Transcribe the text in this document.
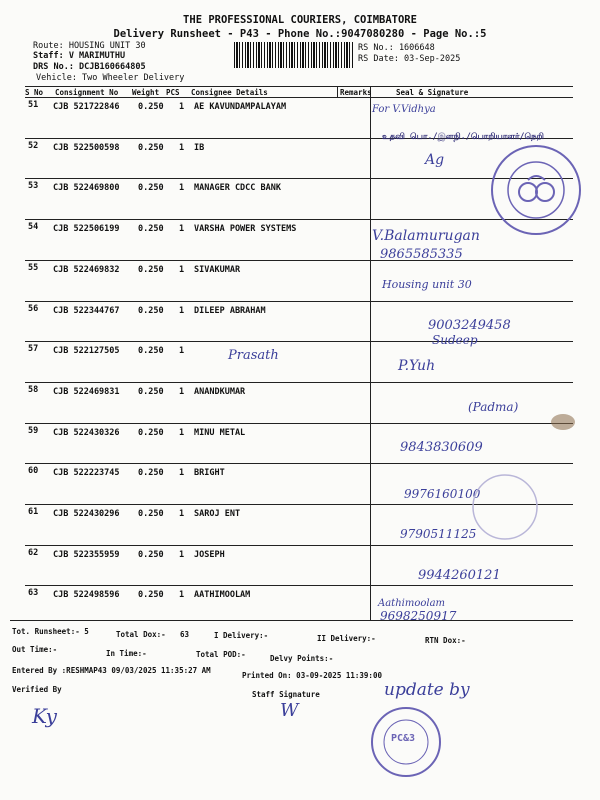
THE PROFESSIONAL COURIERS, COIMBATORE
Delivery Runsheet - P43 - Phone No.:9047080280 - Page No.:5
Route: HOUSING UNIT 30
Staff: V MARIMUTHU
DRS No.: DCJB160664805
Vehicle: Two Wheeler Delivery
RS No.: 1606648
RS Date: 03-Sep-2025
S No Consignment No Weight PCS Consignee Details	Remarks	Seal & Signature
51 CJB 521722846 0.250 1 AE KAVUNDAMPALAYAM
52 CJB 522500598 0.250 1 IB
53 CJB 522469800 0.250 1 MANAGER CDCC BANK
54 CJB 522506199 0.250 1 VARSHA POWER SYSTEMS
55 CJB 522469832 0.250 1 SIVAKUMAR
56 CJB 522344767 0.250 1 DILEEP ABRAHAM
57 CJB 522127505 0.250 1
58 CJB 522469831 0.250 1 ANANDKUMAR
59 CJB 522430326 0.250 1 MINU METAL
60 CJB 522223745 0.250 1 BRIGHT
61 CJB 522430296 0.250 1 SAROJ ENT
62 CJB 522355959 0.250 1 JOSEPH
63 CJB 522498596 0.250 1 AATHIMOOLAM
For V.Vidhya
உதவி பொ./இளநி./பொறியாளர்/நெறி
Ag
V.Balamurugan
9865585335
Housing unit 30
9003249458
Sudeep
Prasath
P.Yuh
(Padma)
9843830609
9976160100
9790511125
9944260121
Aathimoolam
9698250917
Ky	W
update by
PC&3
Tot. Runsheet:- 5	Total Dox:- 63	I Delivery:-	II Delivery:-	RTN Dox:-
Out Time:-	In Time:-	Total POD:-	Delvy Points:-
Entered By :RESHMAP43 09/03/2025 11:35:27 AM
Printed On: 03-09-2025 11:39:00
Verified By
Staff Signature
